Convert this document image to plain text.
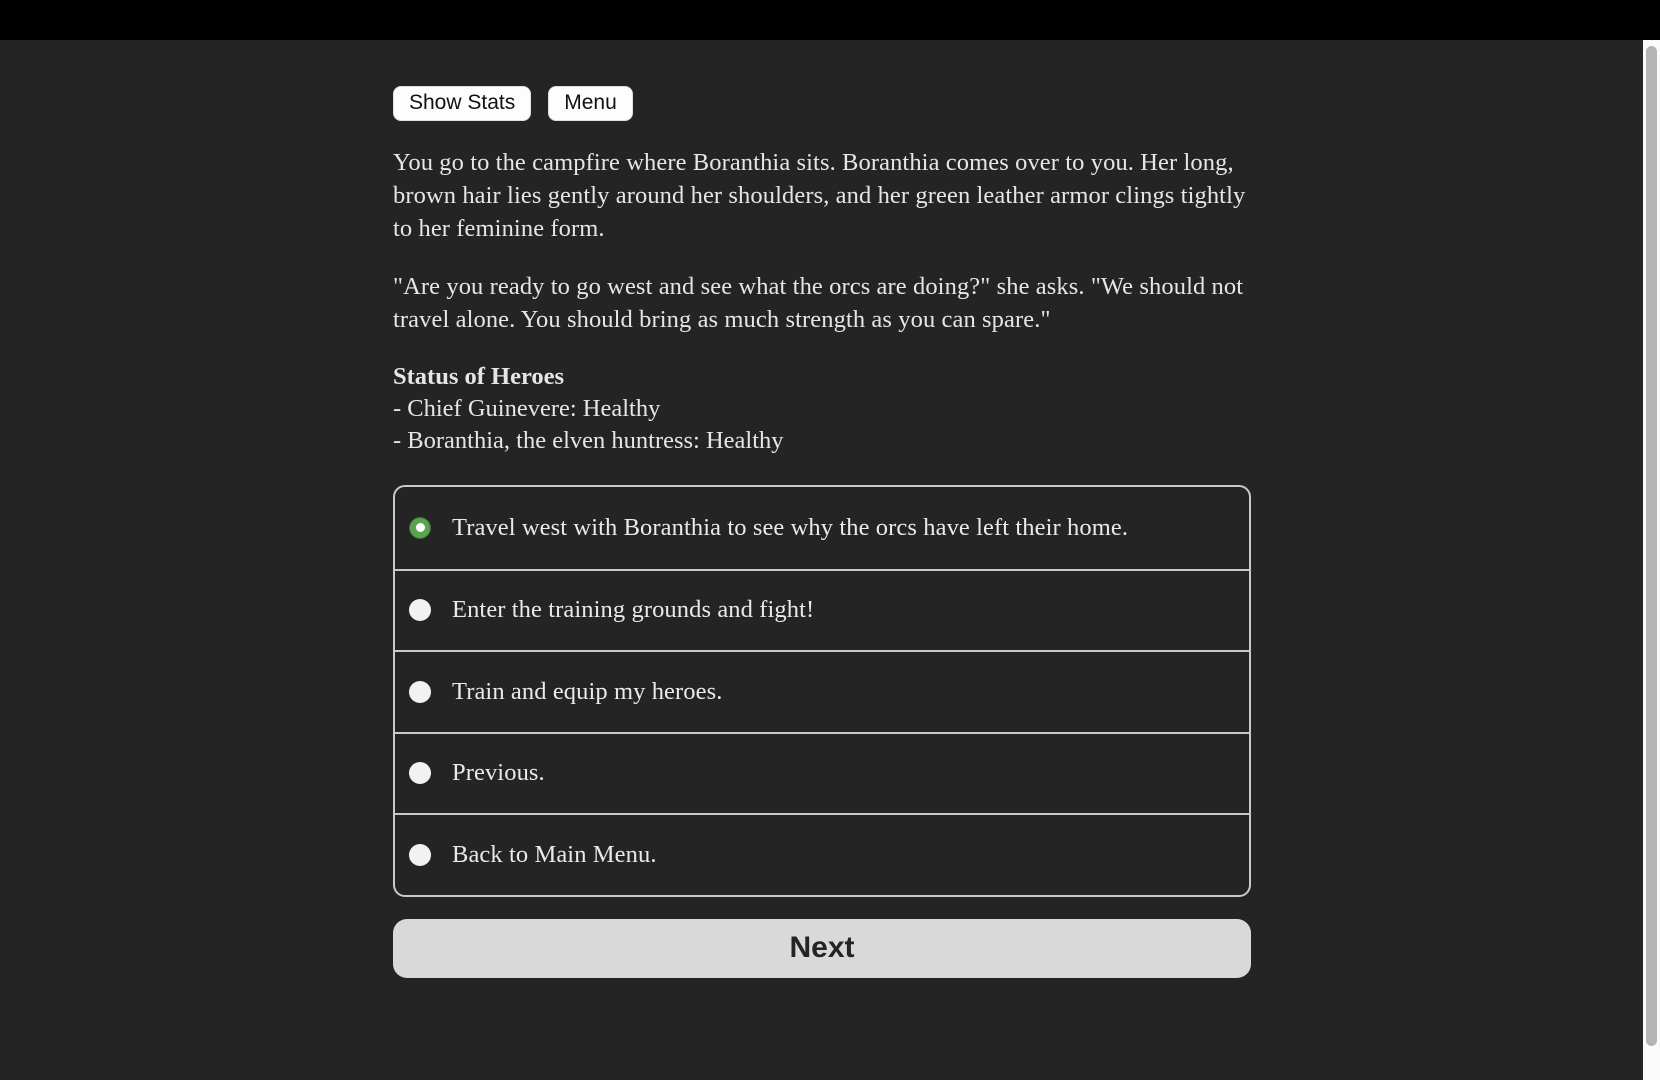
Show Stats	Menu

You go to the campfire where Boranthia sits. Boranthia comes over to you. Her long, brown hair lies gently around her shoulders, and her green leather armor clings tightly to her feminine form.

"Are you ready to go west and see what the orcs are doing?" she asks. "We should not travel alone. You should bring as much strength as you can spare."

Status of Heroes
- Chief Guinevere: Healthy
- Boranthia, the elven huntress: Healthy
Travel west with Boranthia to see why the orcs have left their home.
Enter the training grounds and fight!
Train and equip my heroes.
Previous.
Back to Main Menu.
Next
